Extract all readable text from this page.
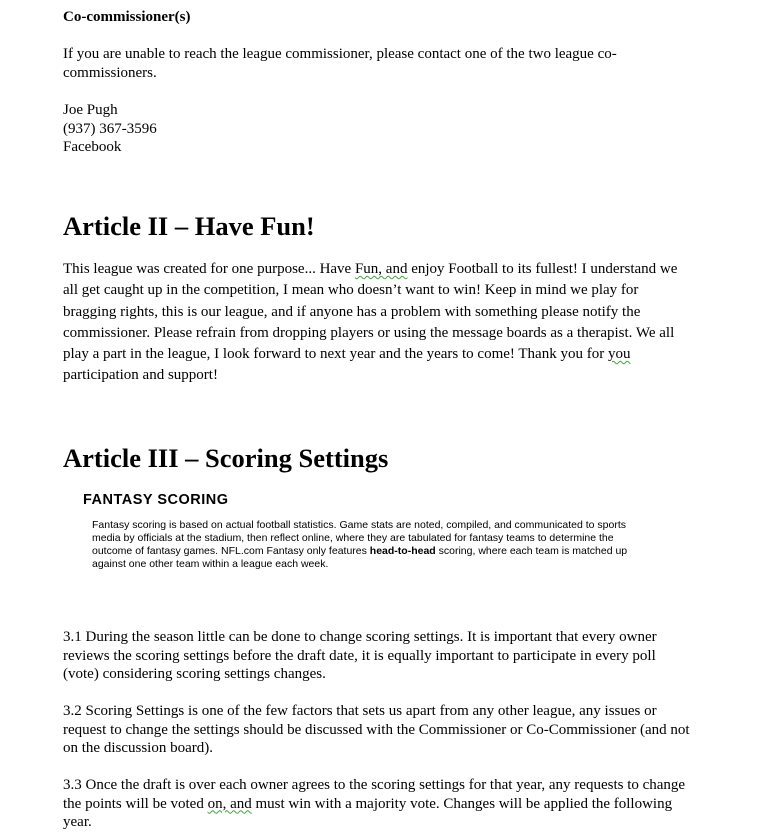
Co-commissioner(s)

If you are unable to reach the league commissioner, please contact one of the two league co-commissioners.

Joe Pugh
(937) 367-3596
Facebook
Article II – Have Fun!

This league was created for one purpose... Have Fun, and enjoy Football to its fullest! I understand we all get caught up in the competition, I mean who doesn’t want to win! Keep in mind we play for bragging rights, this is our league, and if anyone has a problem with something please notify the commissioner. Please refrain from dropping players or using the message boards as a therapist. We all play a part in the league, I look forward to next year and the years to come! Thank you for you participation and support!

Article III – Scoring Settings
FANTASY SCORING

Fantasy scoring is based on actual football statistics. Game stats are noted, compiled, and communicated to sports media by officials at the stadium, then reflect online, where they are tabulated for fantasy teams to determine the outcome of fantasy games. NFL.com Fantasy only features head-to-head scoring, where each team is matched up against one other team within a league each week.

3.1 During the season little can be done to change scoring settings. It is important that every owner reviews the scoring settings before the draft date, it is equally important to participate in every poll (vote) considering scoring settings changes.

3.2 Scoring Settings is one of the few factors that sets us apart from any other league, any issues or request to change the settings should be discussed with the Commissioner or Co-Commissioner (and not on the discussion board).

3.3 Once the draft is over each owner agrees to the scoring settings for that year, any requests to change the points will be voted on, and must win with a majority vote. Changes will be applied the following year.
